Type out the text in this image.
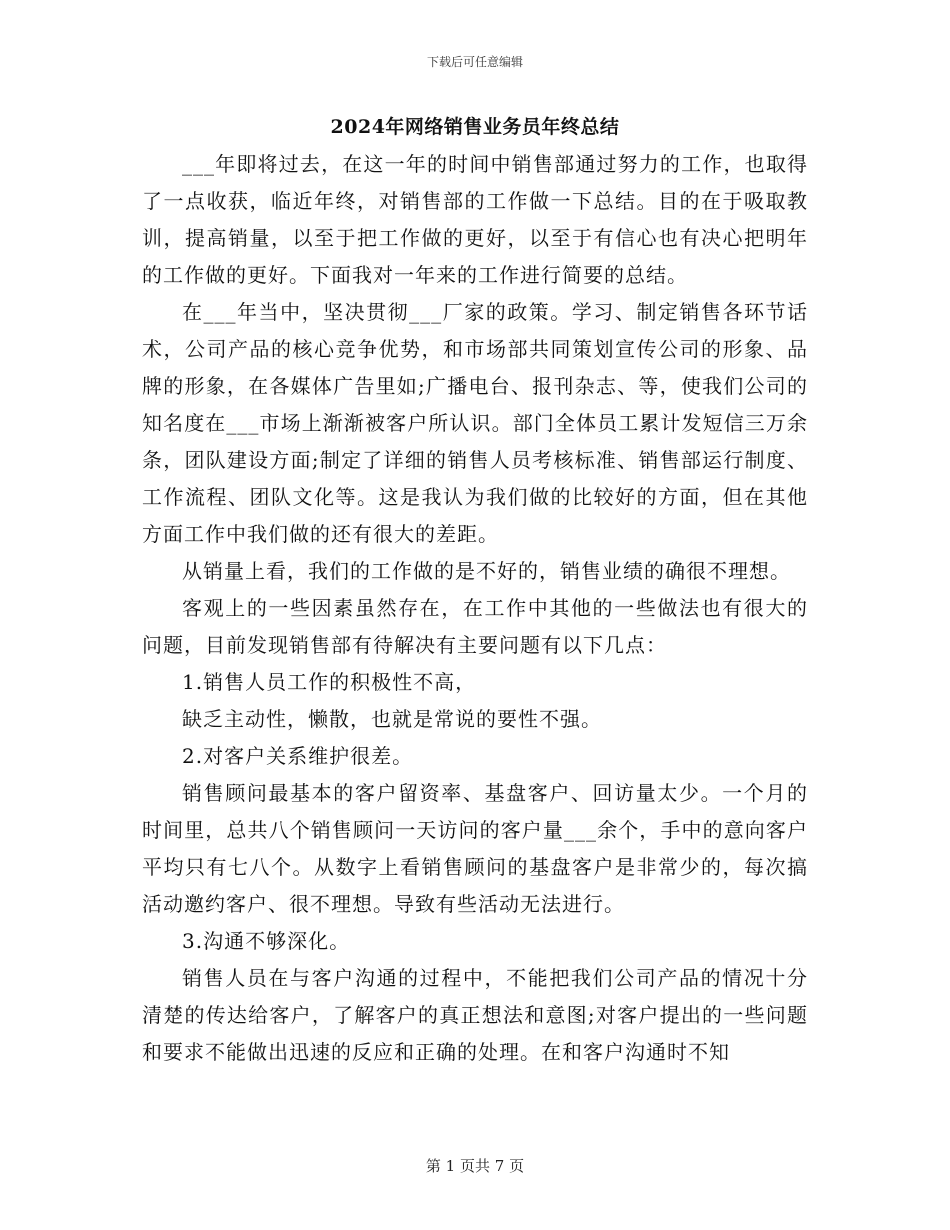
下载后可任意编辑
2024年网络销售业务员年终总结

___年即将过去，在这一年的时间中销售部通过努力的工作，也取得了一点收获，临近年终，对销售部的工作做一下总结。目的在于吸取教训，提高销量，以至于把工作做的更好，以至于有信心也有决心把明年的工作做的更好。下面我对一年来的工作进行简要的总结。

在___年当中，坚决贯彻___厂家的政策。学习、制定销售各环节话术，公司产品的核心竞争优势，和市场部共同策划宣传公司的形象、品牌的形象，在各媒体广告里如;广播电台、报刊杂志、等，使我们公司的知名度在___市场上渐渐被客户所认识。部门全体员工累计发短信三万余条，团队建设方面;制定了详细的销售人员考核标准、销售部运行制度、工作流程、团队文化等。这是我认为我们做的比较好的方面，但在其他方面工作中我们做的还有很大的差距。

从销量上看，我们的工作做的是不好的，销售业绩的确很不理想。

客观上的一些因素虽然存在，在工作中其他的一些做法也有很大的问题，目前发现销售部有待解决有主要问题有以下几点：

1.销售人员工作的积极性不高，

缺乏主动性，懒散，也就是常说的要性不强。

2.对客户关系维护很差。

销售顾问最基本的客户留资率、基盘客户、回访量太少。一个月的时间里，总共八个销售顾问一天访问的客户量___余个，手中的意向客户平均只有七八个。从数字上看销售顾问的基盘客户是非常少的，每次搞活动邀约客户、很不理想。导致有些活动无法进行。

3.沟通不够深化。

销售人员在与客户沟通的过程中，不能把我们公司产品的情况十分清楚的传达给客户，了解客户的真正想法和意图;对客户提出的一些问题和要求不能做出迅速的反应和正确的处理。在和客户沟通时不知

第 1 页共 7 页
